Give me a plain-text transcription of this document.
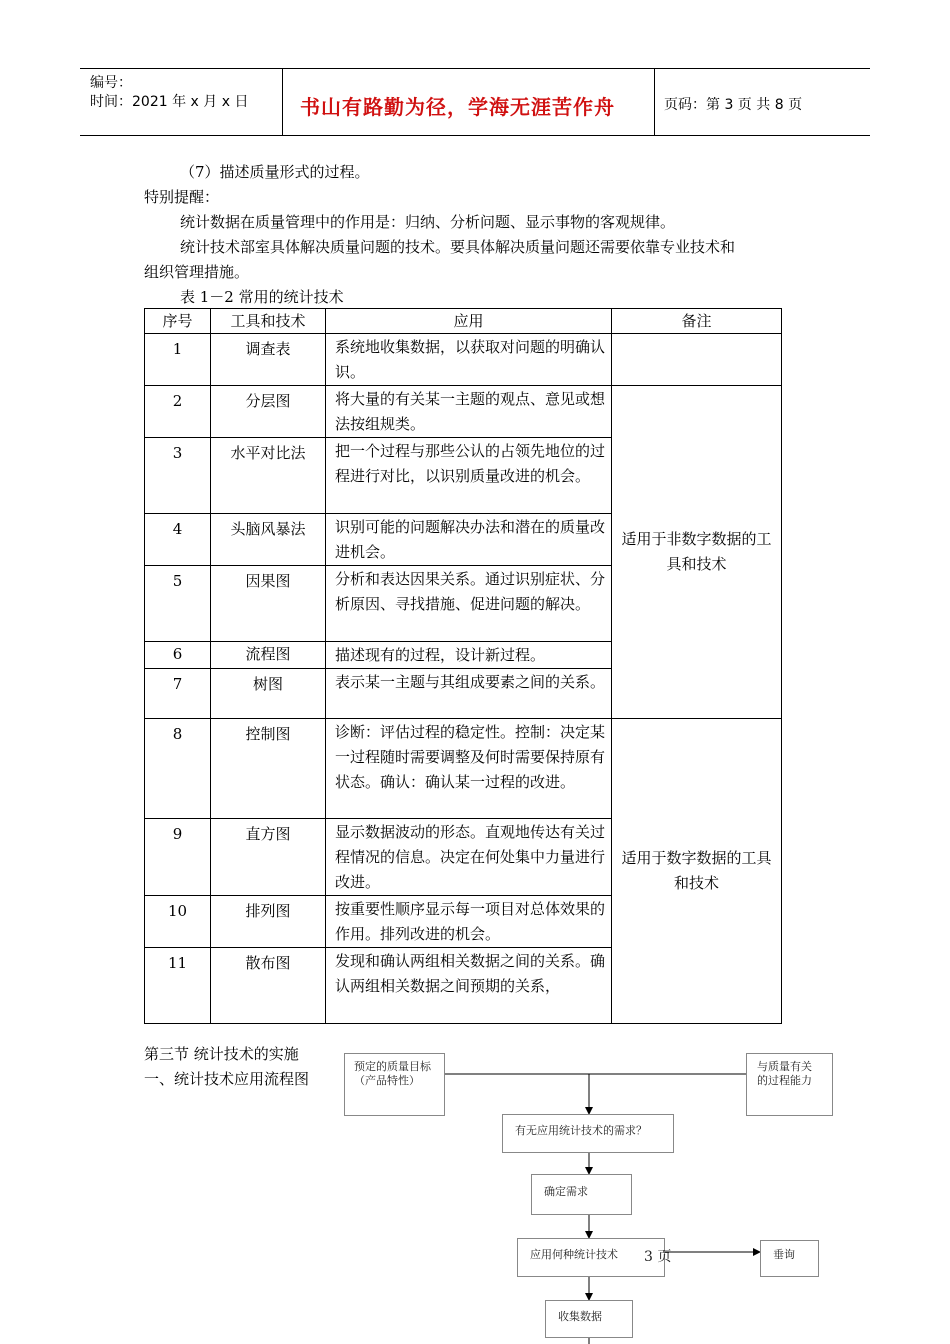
编号：
时间：2021 年 x 月 x 日	书山有路勤为径，学海无涯苦作舟	页码：第 3 页 共 8 页
（7）描述质量形式的过程。
特别提醒：
统计数据在质量管理中的作用是：归纳、分析问题、显示事物的客观规律。
统计技术部室具体解决质量问题的技术。要具体解决质量问题还需要依靠专业技术和
组织管理措施。
表 1－2 常用的统计技术
序号	工具和技术	应用	备注
1	调查表	系统地收集数据，以获取对问题的明确认识。	
2	分层图	将大量的有关某一主题的观点、意见或想法按组规类。	适用于非数字数据的工具和技术
3	水平对比法	把一个过程与那些公认的占领先地位的过程进行对比，以识别质量改进的机会。	
4	头脑风暴法	识别可能的问题解决办法和潜在的质量改进机会。	
5	因果图	分析和表达因果关系。通过识别症状、分析原因、寻找措施、促进问题的解决。	
6	流程图	描述现有的过程，设计新过程。	
7	树图	表示某一主题与其组成要素之间的关系。	
8	控制图	诊断：评估过程的稳定性。控制：决定某一过程随时需要调整及何时需要保持原有状态。确认：确认某一过程的改进。	适用于数字数据的工具和技术
9	直方图	显示数据波动的形态。直观地传达有关过程情况的信息。决定在何处集中力量进行改进。	
10	排列图	按重要性顺序显示每一项目对总体效果的作用。排列改进的机会。	
11	散布图	发现和确认两组相关数据之间的关系。确认两组相关数据之间预期的关系，	
第三节 统计技术的实施
一、统计技术应用流程图
预定的质量目标（产品特性）
与质量有关的过程能力
有无应用统计技术的需求？
确定需求
应用何种统计技术	3 页	垂询
收集数据
